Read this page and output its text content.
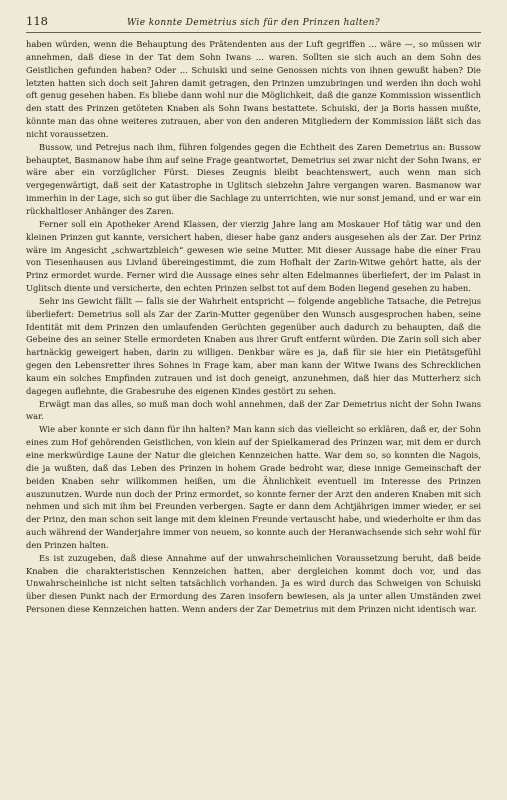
118	Wie konnte Demetrius sich für den Prinzen halten?

haben würden, wenn die Behauptung des Prätendenten aus der Luft gegriffen ... wäre —, so müssen wir annehmen, daß diese in der Tat dem Sohn Iwans ... waren. Sollten sie sich auch an dem Sohn des Geistlichen gefunden haben? Oder ... Schuiski und seine Genossen nichts von ihnen gewußt haben? Die letzten hatten sich doch seit Jahren damit getragen, den Prinzen umzubringen und werden ihn doch wohl oft genug gesehen haben. Es bliebe dann wohl nur die Möglichkeit, daß die ganze Kommission wissentlich den statt des Prinzen getöteten Knaben als Sohn Iwans bestattete. Schuiski, der ja Boris hassen mußte, könnte man das ohne weiteres zutrauen, aber von den anderen Mitgliedern der Kommission läßt sich das nicht voraussetzen.

Bussow, und Petrejus nach ihm, führen folgendes gegen die Echtheit des Zaren Demetrius an: Bussow behauptet, Basmanow habe ihm auf seine Frage geantwortet, Demetrius sei zwar nicht der Sohn Iwans, er wäre aber ein vorzüglicher Fürst. Dieses Zeugnis bleibt beachtenswert, auch wenn man sich vergegenwärtigt, daß seit der Katastrophe in Uglitsch siebzehn Jahre vergangen waren. Basmanow war immerhin in der Lage, sich so gut über die Sachlage zu unterrichten, wie nur sonst jemand, und er war ein rückhaltloser Anhänger des Zaren.

Ferner soll ein Apotheker Arend Klassen, der vierzig Jahre lang am Moskauer Hof tätig war und den kleinen Prinzen gut kannte, versichert haben, dieser habe ganz anders ausgesehen als der Zar. Der Prinz wäre im Angesicht „schwartzbleich“ gewesen wie seine Mutter. Mit dieser Aussage habe die einer Frau von Tiesenhausen aus Livland übereingestimmt, die zum Hofhalt der Zarin-Witwe gehört hatte, als der Prinz ermordet wurde. Ferner wird die Aussage eines sehr alten Edelmannes überliefert, der im Palast in Uglitsch diente und versicherte, den echten Prinzen selbst tot auf dem Boden liegend gesehen zu haben.

Sehr ins Gewicht fällt — falls sie der Wahrheit entspricht — folgende angebliche Tatsache, die Petrejus überliefert: Demetrius soll als Zar der Zarin-Mutter gegenüber den Wunsch ausgesprochen haben, seine Identität mit dem Prinzen den umlaufenden Gerüchten gegenüber auch dadurch zu behaupten, daß die Gebeine des an seiner Stelle ermordeten Knaben aus ihrer Gruft entfernt würden. Die Zarin soll sich aber hartnäckig geweigert haben, darin zu willigen. Denkbar wäre es ja, daß für sie hier ein Pietätsgefühl gegen den Lebensretter ihres Sohnes in Frage kam, aber man kann der Witwe Iwans des Schrecklichen kaum ein solches Empfinden zutrauen und ist doch geneigt, anzunehmen, daß hier das Mutterherz sich dagegen auflehnte, die Grabesruhe des eigenen Kindes gestört zu sehen.

Erwägt man das alles, so muß man doch wohl annehmen, daß der Zar Demetrius nicht der Sohn Iwans war.

Wie aber konnte er sich dann für ihn halten? Man kann sich das vielleicht so erklären, daß er, der Sohn eines zum Hof gehörenden Geistlichen, von klein auf der Spielkamerad des Prinzen war, mit dem er durch eine merkwürdige Laune der Natur die gleichen Kennzeichen hatte. War dem so, so konnten die Nagois, die ja wußten, daß das Leben des Prinzen in hohem Grade bedroht war, diese innige Gemeinschaft der beiden Knaben sehr willkommen heißen, um die Ähnlichkeit eventuell im Interesse des Prinzen auszunutzen. Wurde nun doch der Prinz ermordet, so konnte ferner der Arzt den anderen Knaben mit sich nehmen und sich mit ihm bei Freunden verbergen. Sagte er dann dem Achtjährigen immer wieder, er sei der Prinz, den man schon seit lange mit dem kleinen Freunde vertauscht habe, und wiederholte er ihm das auch während der Wanderjahre immer von neuem, so konnte auch der Heranwachsende sich sehr wohl für den Prinzen halten.

Es ist zuzugeben, daß diese Annahme auf der unwahrscheinlichen Voraussetzung beruht, daß beide Knaben die charakteristischen Kennzeichen hatten, aber dergleichen kommt doch vor, und das Unwahrscheinliche ist nicht selten tatsächlich vorhanden. Ja es wird durch das Schweigen von Schuiski über diesen Punkt nach der Ermordung des Zaren insofern bewiesen, als ja unter allen Umständen zwei Personen diese Kennzeichen hatten. Wenn anders der Zar Demetrius mit dem Prinzen nicht identisch war.
